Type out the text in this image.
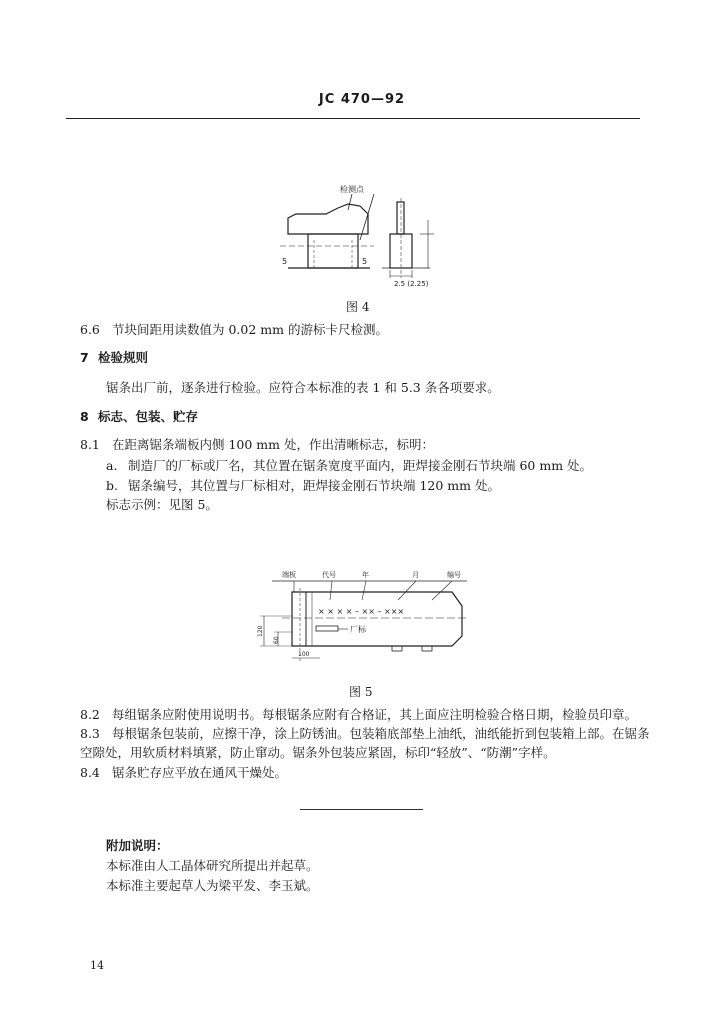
JC 470—92
检测点
5	5
2.5 (2.25)
图 4
6.6 节块间距用读数值为 0.02 mm 的游标卡尺检测。
7 检验规则
锯条出厂前，逐条进行检验。应符合本标准的表 1 和 5.3 条各项要求。
8 标志、包装、贮存
8.1 在距离锯条端板内侧 100 mm 处，作出清晰标志，标明：
a. 制造厂的厂标或厂名，其位置在锯条宽度平面内，距焊接金刚石节块端 60 mm 处。
b. 锯条编号，其位置与厂标相对，距焊接金刚石节块端 120 mm 处。
标志示例：见图 5。
端板	代号	年	月	编号
× × × × – ×× – ×××
厂标
120
60
100
图 5
8.2 每组锯条应附使用说明书。每根锯条应附有合格证，其上面应注明检验合格日期，检验员印章。
8.3 每根锯条包装前，应擦干净，涂上防锈油。包装箱底部垫上油纸，油纸能折到包装箱上部。在锯条
空隙处，用软质材料填紧，防止窜动。锯条外包装应紧固，标印“轻放”、“防潮”字样。
8.4 锯条贮存应平放在通风干燥处。
附加说明：
本标准由人工晶体研究所提出并起草。
本标准主要起草人为梁平发、李玉斌。
14
